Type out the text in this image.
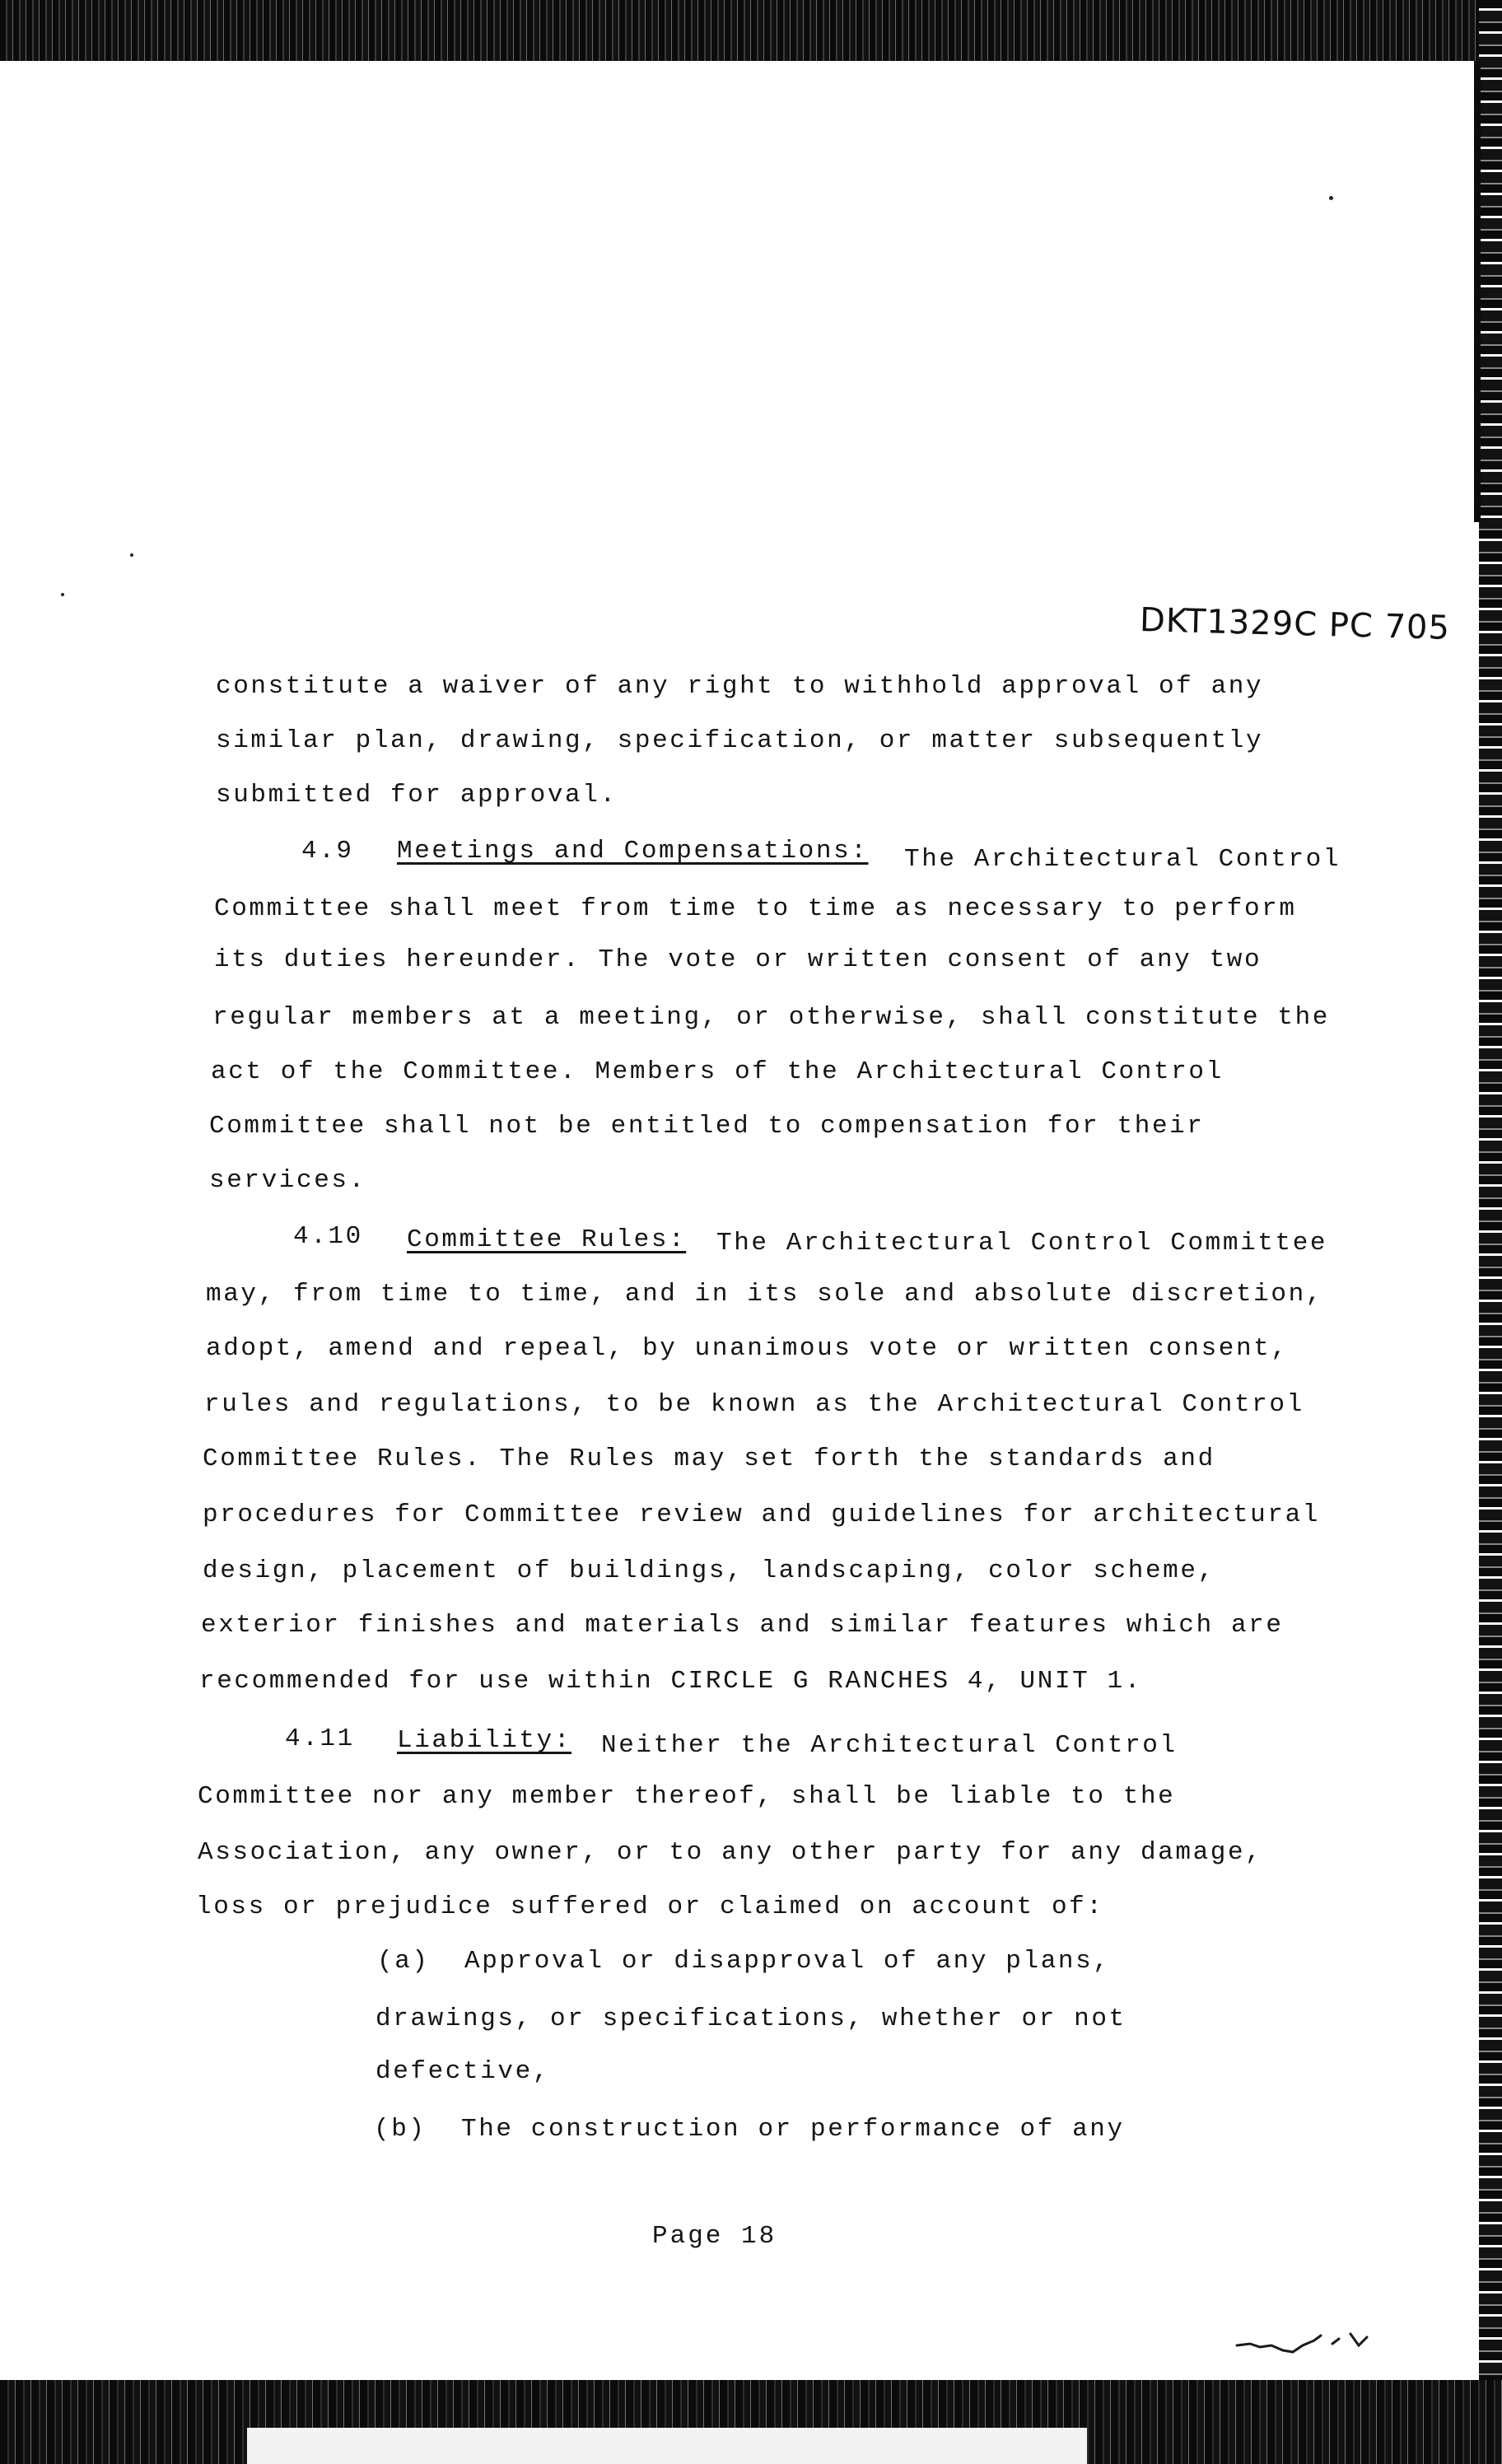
DKT1329C PC 705
constitute a waiver of any right to withhold approval of any
similar plan, drawing, specification, or matter subsequently
submitted for approval.
4.9 Meetings and Compensations: The Architectural Control
Committee shall meet from time to time as necessary to perform
its duties hereunder. The vote or written consent of any two
regular members at a meeting, or otherwise, shall constitute the
act of the Committee. Members of the Architectural Control
Committee shall not be entitled to compensation for their
services.
4.10 Committee Rules: The Architectural Control Committee
may, from time to time, and in its sole and absolute discretion,
adopt, amend and repeal, by unanimous vote or written consent,
rules and regulations, to be known as the Architectural Control
Committee Rules. The Rules may set forth the standards and
procedures for Committee review and guidelines for architectural
design, placement of buildings, landscaping, color scheme,
exterior finishes and materials and similar features which are
recommended for use within CIRCLE G RANCHES 4, UNIT 1.
4.11 Liability: Neither the Architectural Control
Committee nor any member thereof, shall be liable to the
Association, any owner, or to any other party for any damage,
loss or prejudice suffered or claimed on account of:
(a) Approval or disapproval of any plans,
drawings, or specifications, whether or not
defective,
(b) The construction or performance of any
Page 18
